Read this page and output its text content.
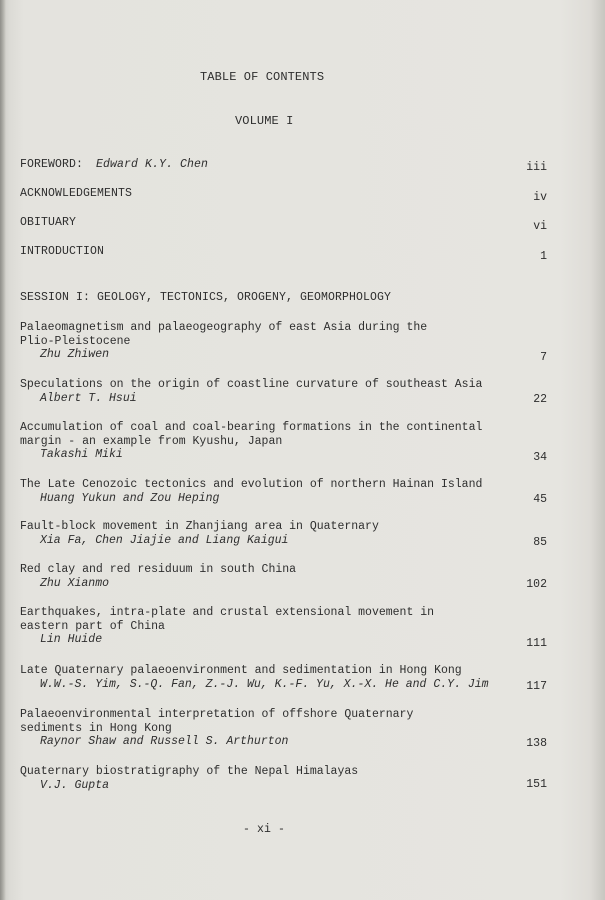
TABLE OF CONTENTS
VOLUME I
FOREWORD: Edward K.Y. Chen	iii
ACKNOWLEDGEMENTS	iv
OBITUARY	vi
INTRODUCTION	1
SESSION I: GEOLOGY, TECTONICS, OROGENY, GEOMORPHOLOGY
Palaeomagnetism and palaeogeography of east Asia during the
Plio-Pleistocene
Zhu Zhiwen	7
Speculations on the origin of coastline curvature of southeast Asia
Albert T. Hsui	22
Accumulation of coal and coal-bearing formations in the continental
margin - an example from Kyushu, Japan
Takashi Miki	34
The Late Cenozoic tectonics and evolution of northern Hainan Island
Huang Yukun and Zou Heping	45
Fault-block movement in Zhanjiang area in Quaternary
Xia Fa, Chen Jiajie and Liang Kaigui	85
Red clay and red residuum in south China
Zhu Xianmo	102
Earthquakes, intra-plate and crustal extensional movement in
eastern part of China
Lin Huide	111
Late Quaternary palaeoenvironment and sedimentation in Hong Kong
W.W.-S. Yim, S.-Q. Fan, Z.-J. Wu, K.-F. Yu, X.-X. He and C.Y. Jim	117
Palaeoenvironmental interpretation of offshore Quaternary
sediments in Hong Kong
Raynor Shaw and Russell S. Arthurton	138
Quaternary biostratigraphy of the Nepal Himalayas
V.J. Gupta	151
- xi -
